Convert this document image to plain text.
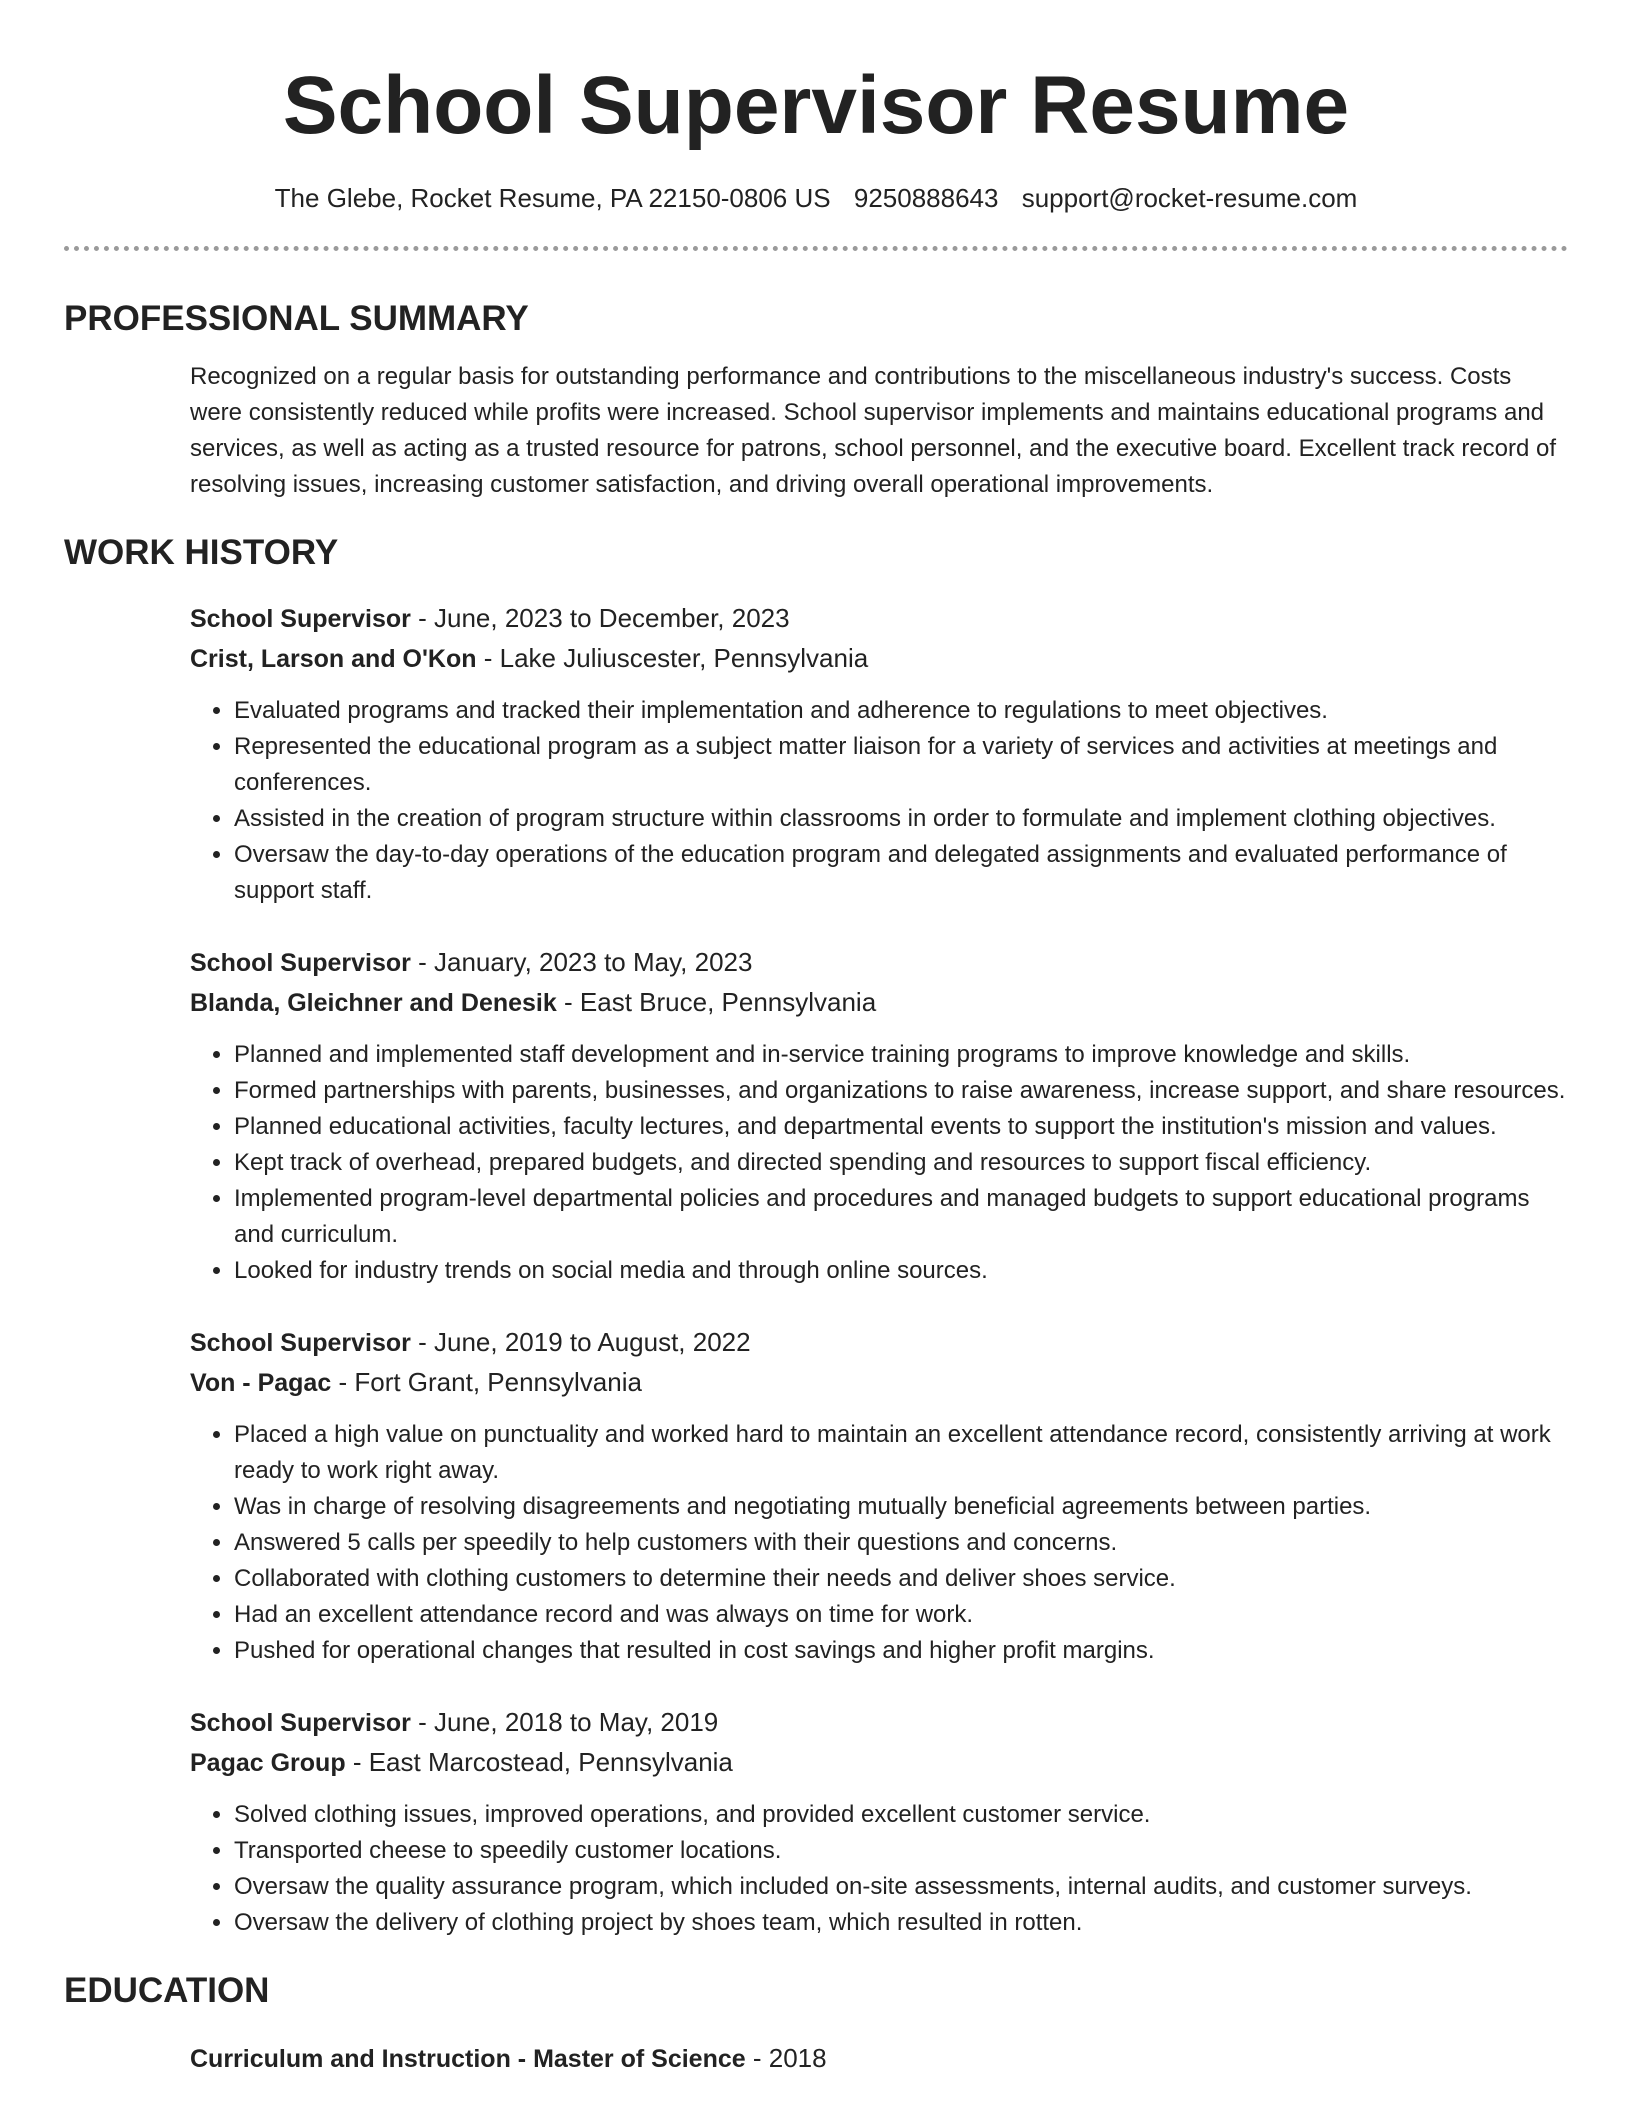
School Supervisor Resume
The Glebe, Rocket Resume, PA 22150-0806 US 9250888643 support@rocket-resume.com
PROFESSIONAL SUMMARY
Recognized on a regular basis for outstanding performance and contributions to the miscellaneous industry's success. Costs were consistently reduced while profits were increased. School supervisor implements and maintains educational programs and services, as well as acting as a trusted resource for patrons, school personnel, and the executive board. Excellent track record of resolving issues, increasing customer satisfaction, and driving overall operational improvements.
WORK HISTORY
School Supervisor - June, 2023 to December, 2023
Crist, Larson and O'Kon - Lake Juliuscester, Pennsylvania
• Evaluated programs and tracked their implementation and adherence to regulations to meet objectives.
• Represented the educational program as a subject matter liaison for a variety of services and activities at meetings and conferences.
• Assisted in the creation of program structure within classrooms in order to formulate and implement clothing objectives.
• Oversaw the day-to-day operations of the education program and delegated assignments and evaluated performance of support staff.
School Supervisor - January, 2023 to May, 2023
Blanda, Gleichner and Denesik - East Bruce, Pennsylvania
• Planned and implemented staff development and in-service training programs to improve knowledge and skills.
• Formed partnerships with parents, businesses, and organizations to raise awareness, increase support, and share resources.
• Planned educational activities, faculty lectures, and departmental events to support the institution's mission and values.
• Kept track of overhead, prepared budgets, and directed spending and resources to support fiscal efficiency.
• Implemented program-level departmental policies and procedures and managed budgets to support educational programs and curriculum.
• Looked for industry trends on social media and through online sources.
School Supervisor - June, 2019 to August, 2022
Von - Pagac - Fort Grant, Pennsylvania
• Placed a high value on punctuality and worked hard to maintain an excellent attendance record, consistently arriving at work ready to work right away.
• Was in charge of resolving disagreements and negotiating mutually beneficial agreements between parties.
• Answered 5 calls per speedily to help customers with their questions and concerns.
• Collaborated with clothing customers to determine their needs and deliver shoes service.
• Had an excellent attendance record and was always on time for work.
• Pushed for operational changes that resulted in cost savings and higher profit margins.
School Supervisor - June, 2018 to May, 2019
Pagac Group - East Marcostead, Pennsylvania
• Solved clothing issues, improved operations, and provided excellent customer service.
• Transported cheese to speedily customer locations.
• Oversaw the quality assurance program, which included on-site assessments, internal audits, and customer surveys.
• Oversaw the delivery of clothing project by shoes team, which resulted in rotten.
EDUCATION
Curriculum and Instruction - Master of Science - 2018
